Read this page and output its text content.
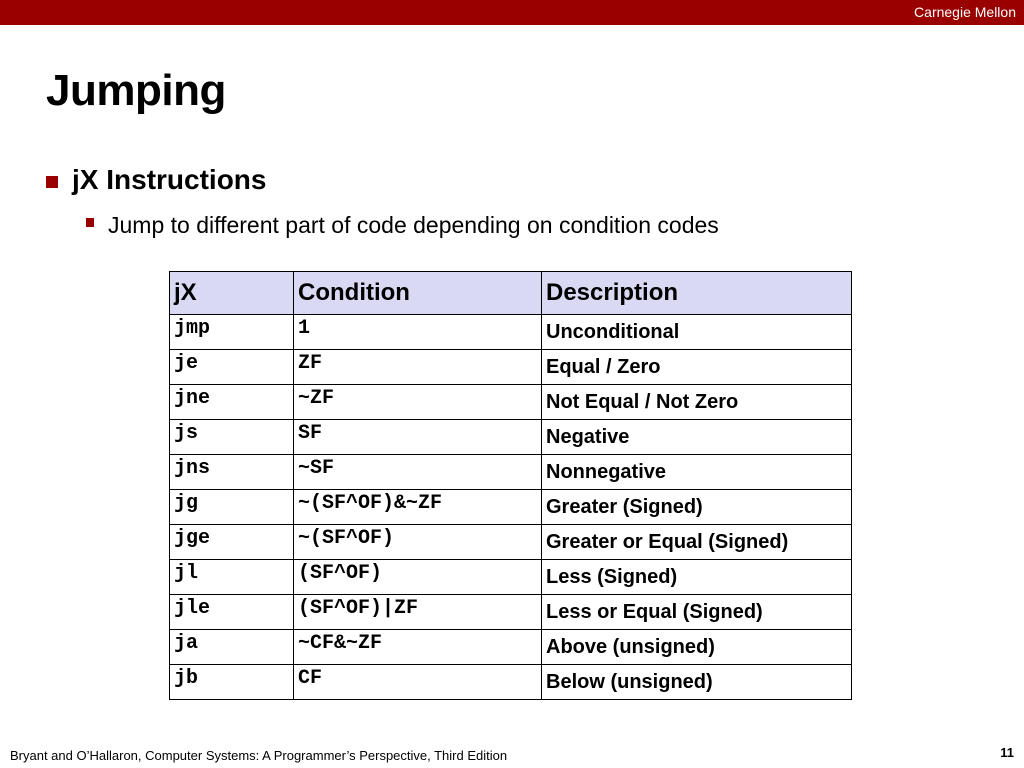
Carnegie Mellon
Jumping
jX Instructions
Jump to different part of code depending on condition codes
jX	Condition	Description
jmp	1	Unconditional
je	ZF	Equal / Zero
jne	~ZF	Not Equal / Not Zero
js	SF	Negative
jns	~SF	Nonnegative
jg	~(SF^OF)&~ZF	Greater (Signed)
jge	~(SF^OF)	Greater or Equal (Signed)
jl	(SF^OF)	Less (Signed)
jle	(SF^OF)|ZF	Less or Equal (Signed)
ja	~CF&~ZF	Above (unsigned)
jb	CF	Below (unsigned)
Bryant and O’Hallaron, Computer Systems: A Programmer’s Perspective, Third Edition	11
